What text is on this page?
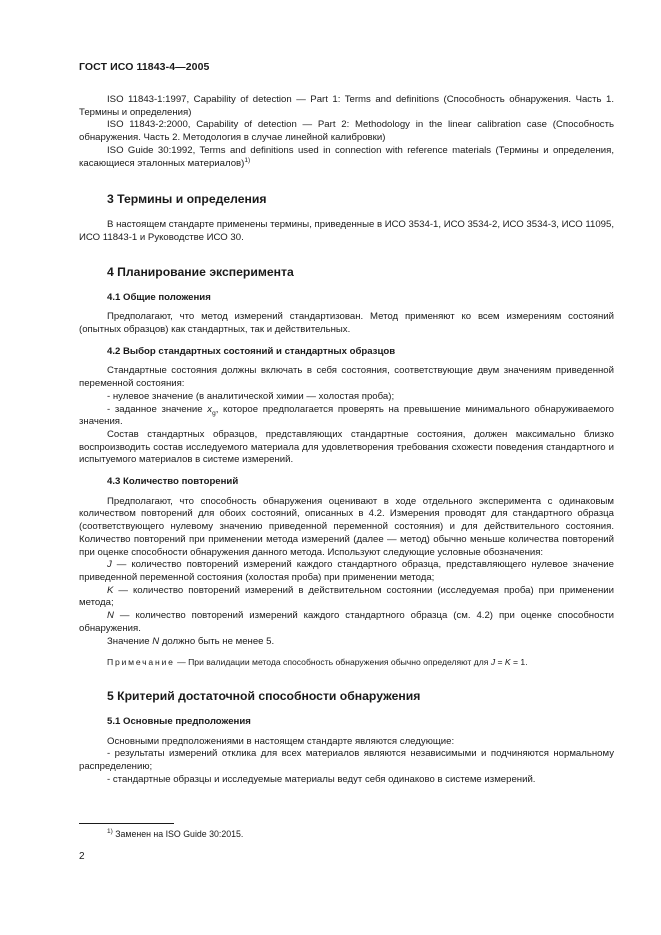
ГОСТ ИСО 11843-4—2005

ISO 11843-1:1997, Capability of detection — Part 1: Terms and definitions (Способность обнаружения. Часть 1. Термины и определения)

ISO 11843-2:2000, Capability of detection — Part 2: Methodology in the linear calibration case (Способность обнаружения. Часть 2. Методология в случае линейной калибровки)

ISO Guide 30:1992, Terms and definitions used in connection with reference materials (Термины и определения, касающиеся эталонных материалов)$^{1)}$

3 Термины и определения

В настоящем стандарте применены термины, приведенные в ИСО 3534-1, ИСО 3534-2, ИСО 3534-3, ИСО 11095, ИСО 11843-1 и Руководстве ИСО 30.

4 Планирование эксперимента
4.1 Общие положения

Предполагают, что метод измерений стандартизован. Метод применяют ко всем измерениям состояний (опытных образцов) как стандартных, так и действительных.

4.2 Выбор стандартных состояний и стандартных образцов

Стандартные состояния должны включать в себя состояния, соответствующие двум значениям приведенной переменной состояния:

- нулевое значение (в аналитической химии — холостая проба);

- заданное значение $x_g$, которое предполагается проверять на превышение минимального обнаруживаемого значения.

Состав стандартных образцов, представляющих стандартные состояния, должен максимально близко воспроизводить состав исследуемого материала для удовлетворения требования схожести поведения стандартного и испытуемого материалов в системе измерений.

4.3 Количество повторений

Предполагают, что способность обнаружения оценивают в ходе отдельного эксперимента с одинаковым количеством повторений для обоих состояний, описанных в 4.2. Измерения проводят для стандартного образца (соответствующего нулевому значению приведенной переменной состояния) и для действительного состояния. Количество повторений при применении метода измерений (далее — метод) обычно меньше количества повторений при оценке способности обнаружения данного метода. Используют следующие условные обозначения:

J — количество повторений измерений каждого стандартного образца, представляющего нулевое значение приведенной переменной состояния (холостая проба) при применении метода;

K — количество повторений измерений в действительном состоянии (исследуемая проба) при применении метода;

N — количество повторений измерений каждого стандартного образца (см. 4.2) при оценке способности обнаружения.

Значение N должно быть не менее 5.

Примечание — При валидации метода способность обнаружения обычно определяют для J = K = 1.

5 Критерий достаточной способности обнаружения
5.1 Основные предположения

Основными предположениями в настоящем стандарте являются следующие:

- результаты измерений отклика для всех материалов являются независимыми и подчиняются нормальному распределению;

- стандартные образцы и исследуемые материалы ведут себя одинаково в системе измерений.

$^{1)}$ Заменен на ISO Guide 30:2015.
2
